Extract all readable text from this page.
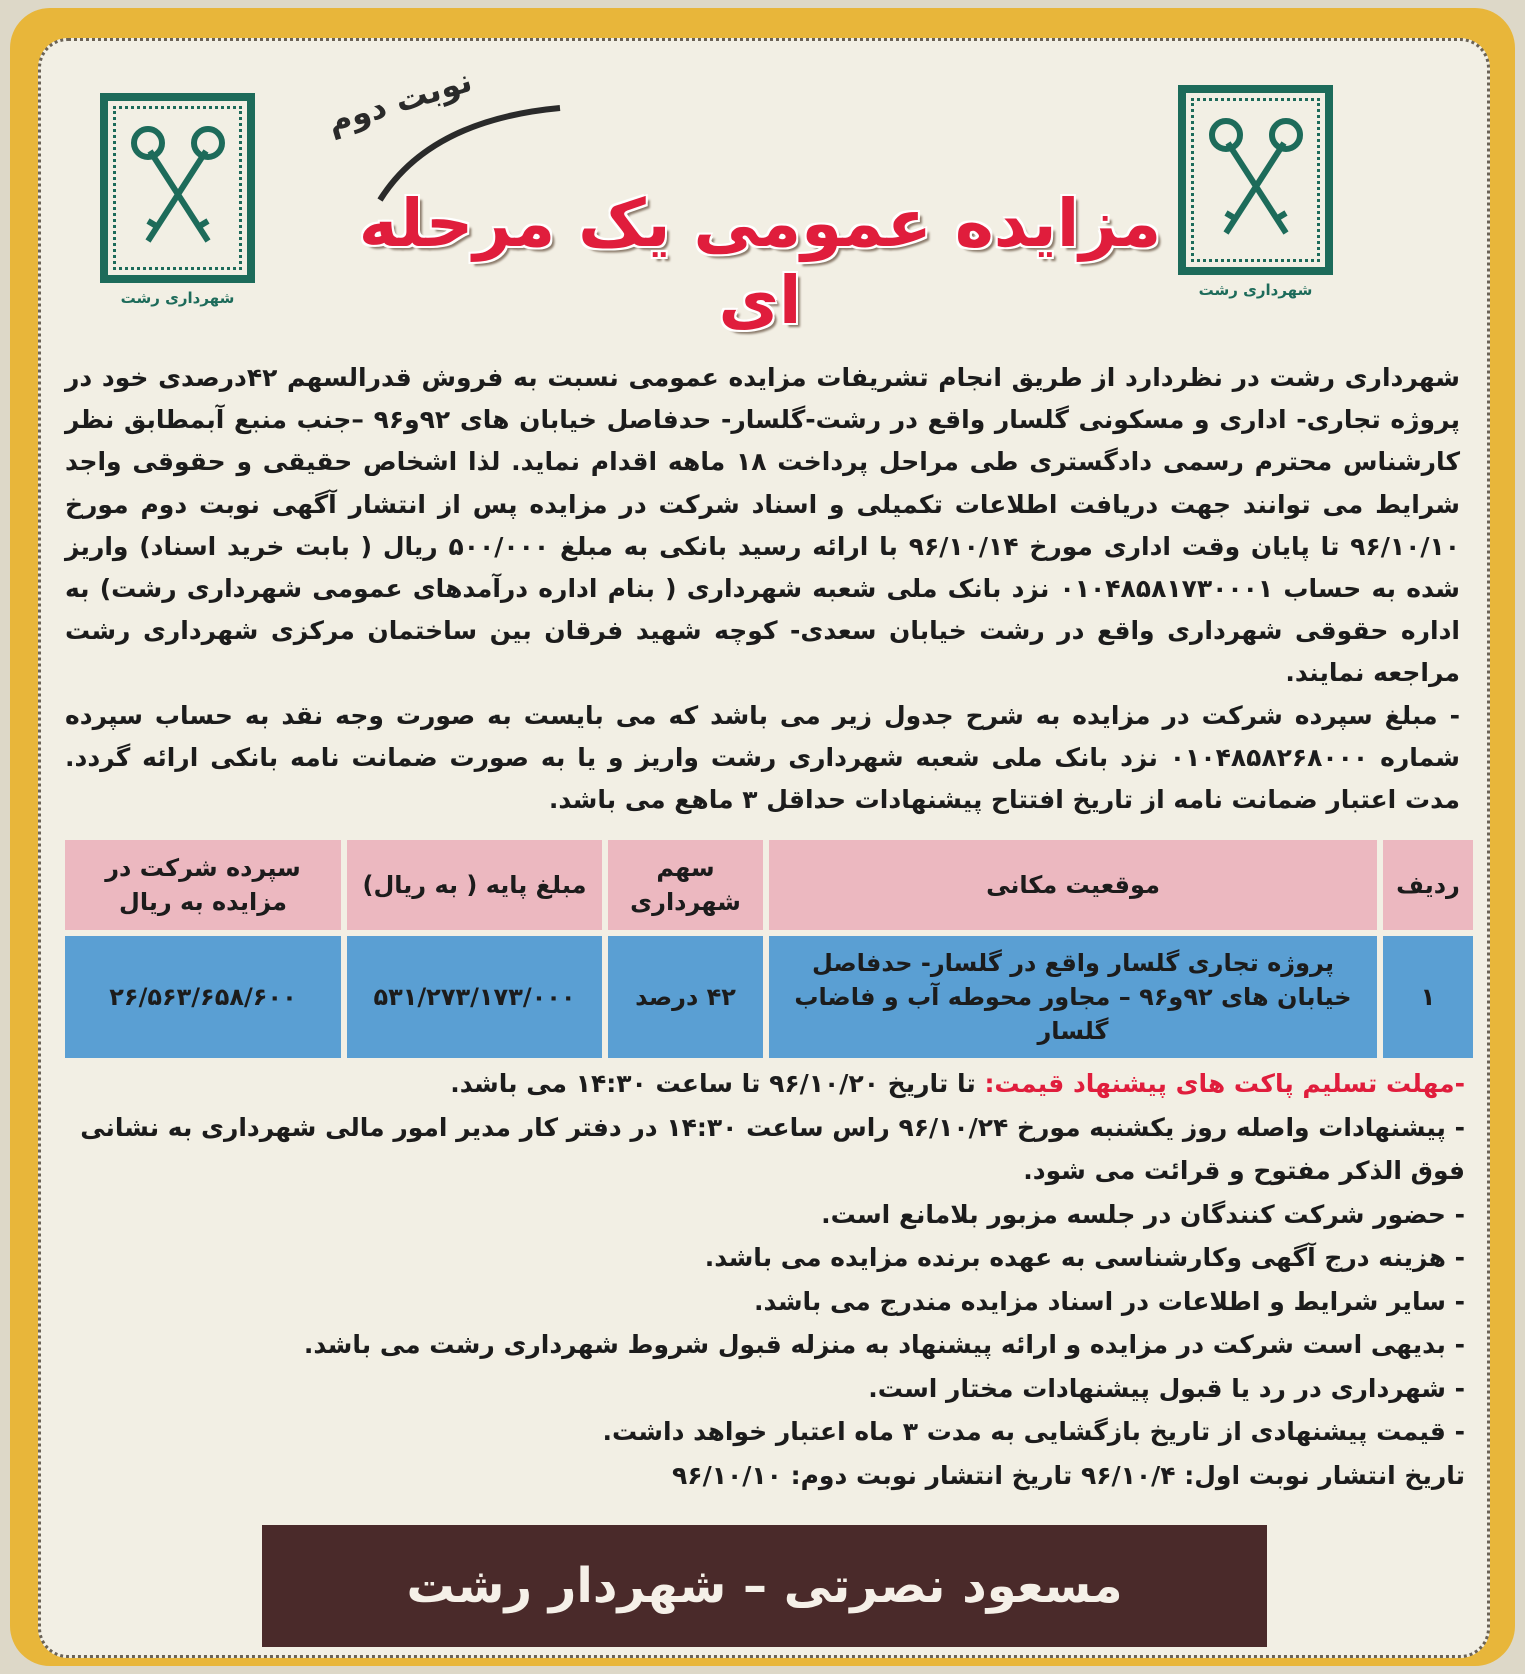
شهرداری رشت	شهرداری رشت
نوبت دوم
مزایده عمومی یک مرحله ای

شهرداری رشت در نظردارد از طریق انجام تشریفات مزایده عمومی نسبت به فروش قدرالسهم ۴۲درصدی خود در پروژه تجاری- اداری و مسکونی گلسار واقع در رشت-گلسار- حدفاصل خیابان های ۹۲و۹۶ –جنب منبع آبمطابق نظر کارشناس محترم رسمی دادگستری طی مراحل پرداخت ۱۸ ماهه اقدام نماید. لذا اشخاص حقیقی و حقوقی واجد شرایط می توانند جهت دریافت اطلاعات تکمیلی و اسناد شرکت در مزایده پس از انتشار آگهی نوبت دوم مورخ ۹۶/۱۰/۱۰ تا پایان وقت اداری مورخ ۹۶/۱۰/۱۴ با ارائه رسید بانکی به مبلغ ۵۰۰/۰۰۰ ریال ( بابت خرید اسناد) واریز شده به حساب ۰۱۰۴۸۵۸۱۷۳۰۰۰۱ نزد بانک ملی شعبه شهرداری ( بنام اداره درآمدهای عمومی شهرداری رشت) به اداره حقوقی شهرداری واقع در رشت خیابان سعدی- کوچه شهید فرقان بین ساختمان مرکزی شهرداری رشت مراجعه نمایند.

- مبلغ سپرده شرکت در مزایده به شرح جدول زیر می باشد که می بایست به صورت وجه نقد به حساب سپرده شماره ۰۱۰۴۸۵۸۲۶۸۰۰۰ نزد بانک ملی شعبه شهرداری رشت واریز و یا به صورت ضمانت نامه بانکی ارائه گردد. مدت اعتبار ضمانت نامه از تاریخ افتتاح پیشنهادات حداقل ۳ ماهع می باشد.

ردیف
موقعیت مکانی
سهم شهرداری
مبلغ پایه ( به ریال)
سپرده شرکت در مزایده به ریال
۱
پروژه تجاری گلسار واقع در گلسار- حدفاصل خیابان های ۹۲و۹۶ – مجاور محوطه آب و فاضاب گلسار
۴۲ درصد
۵۳۱/۲۷۳/۱۷۳/۰۰۰
۲۶/۵۶۳/۶۵۸/۶۰۰

-مهلت تسلیم پاکت های پیشنهاد قیمت: تا تاریخ ۹۶/۱۰/۲۰ تا ساعت ۱۴:۳۰ می باشد.

- پیشنهادات واصله روز یکشنبه مورخ ۹۶/۱۰/۲۴ راس ساعت ۱۴:۳۰ در دفتر کار مدیر امور مالی شهرداری به نشانی فوق الذکر مفتوح و قرائت می شود.

- حضور شرکت کنندگان در جلسه مزبور بلامانع است.

- هزینه درج آگهی وکارشناسی به عهده برنده مزایده می باشد.

- سایر شرایط و اطلاعات در اسناد مزایده مندرج می باشد.

- بدیهی است شرکت در مزایده و ارائه پیشنهاد به منزله قبول شروط شهرداری رشت می باشد.

- شهرداری در رد یا قبول پیشنهادات مختار است.

- قیمت پیشنهادی از تاریخ بازگشایی به مدت ۳ ماه اعتبار خواهد داشت.

تاریخ انتشار نوبت اول: ۹۶/۱۰/۴ تاریخ انتشار نوبت دوم: ۹۶/۱۰/۱۰

مسعود نصرتی – شهردار رشت
